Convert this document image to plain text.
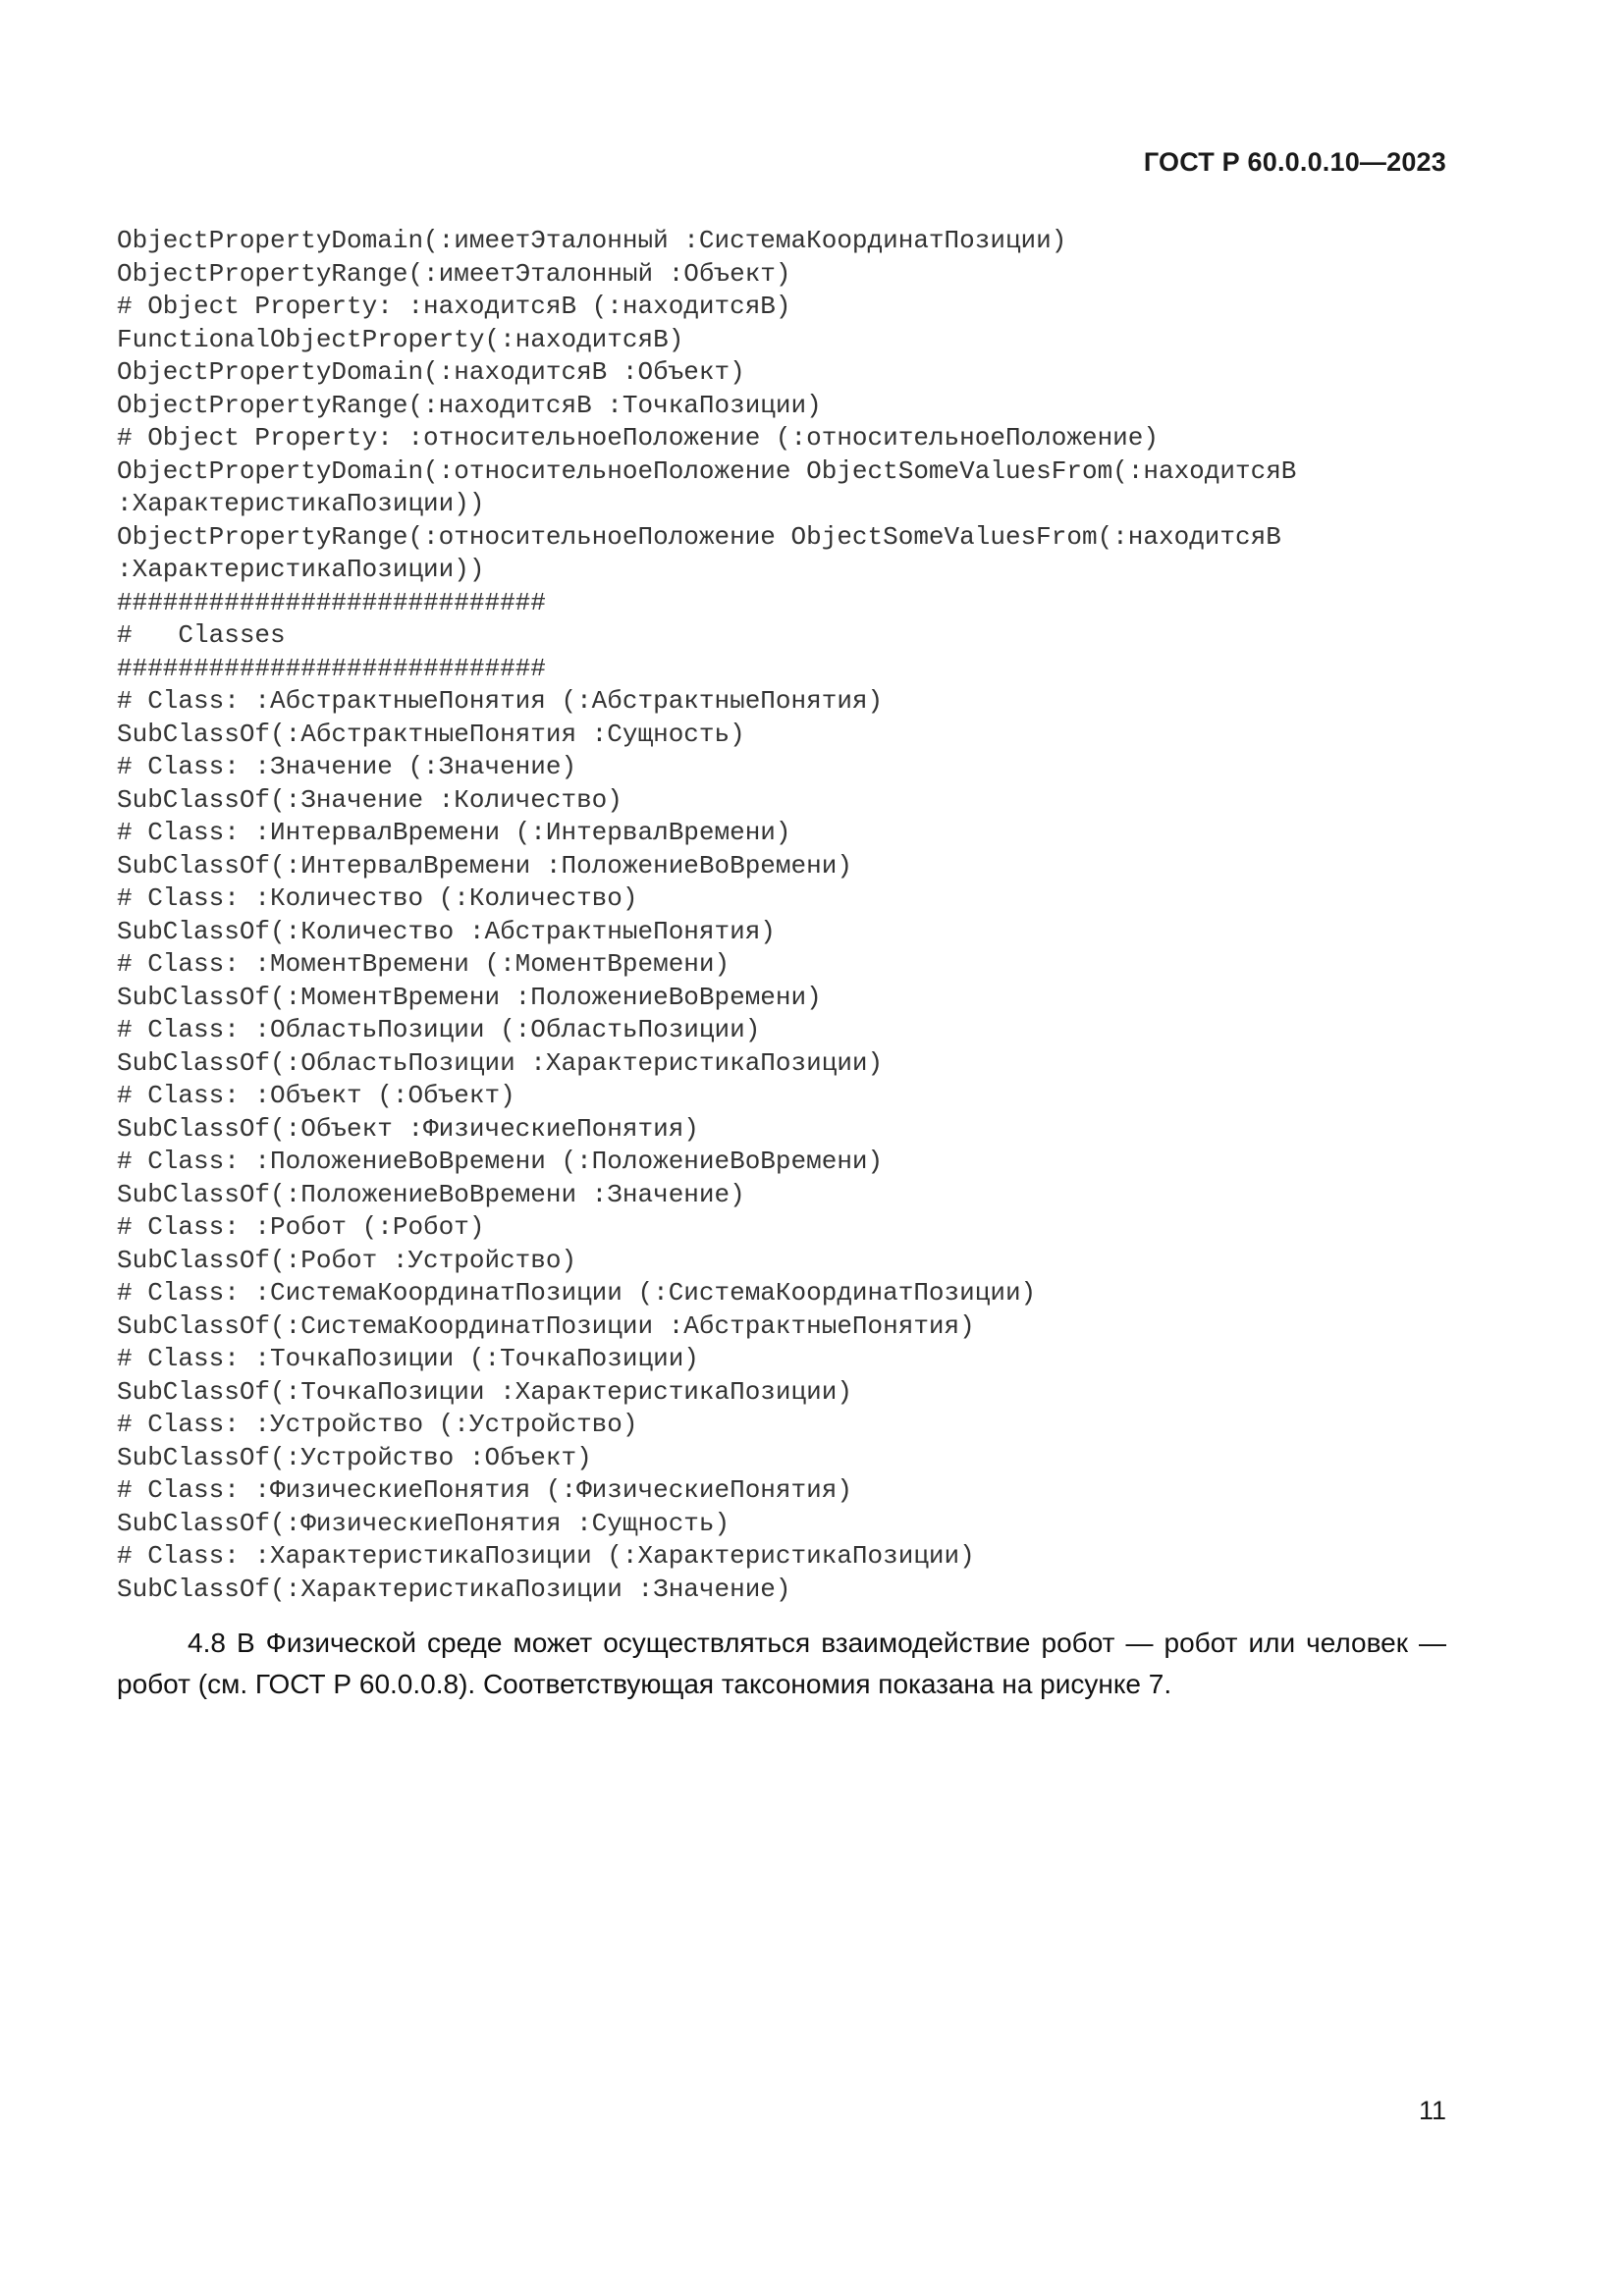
ГОСТ Р 60.0.0.10—2023
ObjectPropertyDomain(:имеетЭталонный :СистемаКоординатПозиции)
ObjectPropertyRange(:имеетЭталонный :Объект)
# Object Property: :находитсяВ (:находитсяВ)
FunctionalObjectProperty(:находитсяВ)
ObjectPropertyDomain(:находитсяВ :Объект)
ObjectPropertyRange(:находитсяВ :ТочкаПозиции)
# Object Property: :относительноеПоложение (:относительноеПоложение)
ObjectPropertyDomain(:относительноеПоложение ObjectSomeValuesFrom(:находитсяВ
:ХарактеристикаПозиции))
ObjectPropertyRange(:относительноеПоложение ObjectSomeValuesFrom(:находитсяВ
:ХарактеристикаПозиции))
############################
#   Classes
############################
# Class: :АбстрактныеПонятия (:АбстрактныеПонятия)
SubClassOf(:АбстрактныеПонятия :Сущность)
# Class: :Значение (:Значение)
SubClassOf(:Значение :Количество)
# Class: :ИнтервалВремени (:ИнтервалВремени)
SubClassOf(:ИнтервалВремени :ПоложениеВоВремени)
# Class: :Количество (:Количество)
SubClassOf(:Количество :АбстрактныеПонятия)
# Class: :МоментВремени (:МоментВремени)
SubClassOf(:МоментВремени :ПоложениеВоВремени)
# Class: :ОбластьПозиции (:ОбластьПозиции)
SubClassOf(:ОбластьПозиции :ХарактеристикаПозиции)
# Class: :Объект (:Объект)
SubClassOf(:Объект :ФизическиеПонятия)
# Class: :ПоложениеВоВремени (:ПоложениеВоВремени)
SubClassOf(:ПоложениеВоВремени :Значение)
# Class: :Робот (:Робот)
SubClassOf(:Робот :Устройство)
# Class: :СистемаКоординатПозиции (:СистемаКоординатПозиции)
SubClassOf(:СистемаКоординатПозиции :АбстрактныеПонятия)
# Class: :ТочкаПозиции (:ТочкаПозиции)
SubClassOf(:ТочкаПозиции :ХарактеристикаПозиции)
# Class: :Устройство (:Устройство)
SubClassOf(:Устройство :Объект)
# Class: :ФизическиеПонятия (:ФизическиеПонятия)
SubClassOf(:ФизическиеПонятия :Сущность)
# Class: :ХарактеристикаПозиции (:ХарактеристикаПозиции)
SubClassOf(:ХарактеристикаПозиции :Значение)
4.8 В Физической среде может осуществляться взаимодействие робот — робот или человек —
робот (см. ГОСТ Р 60.0.0.8). Соответствующая таксономия показана на рисунке 7.
11
